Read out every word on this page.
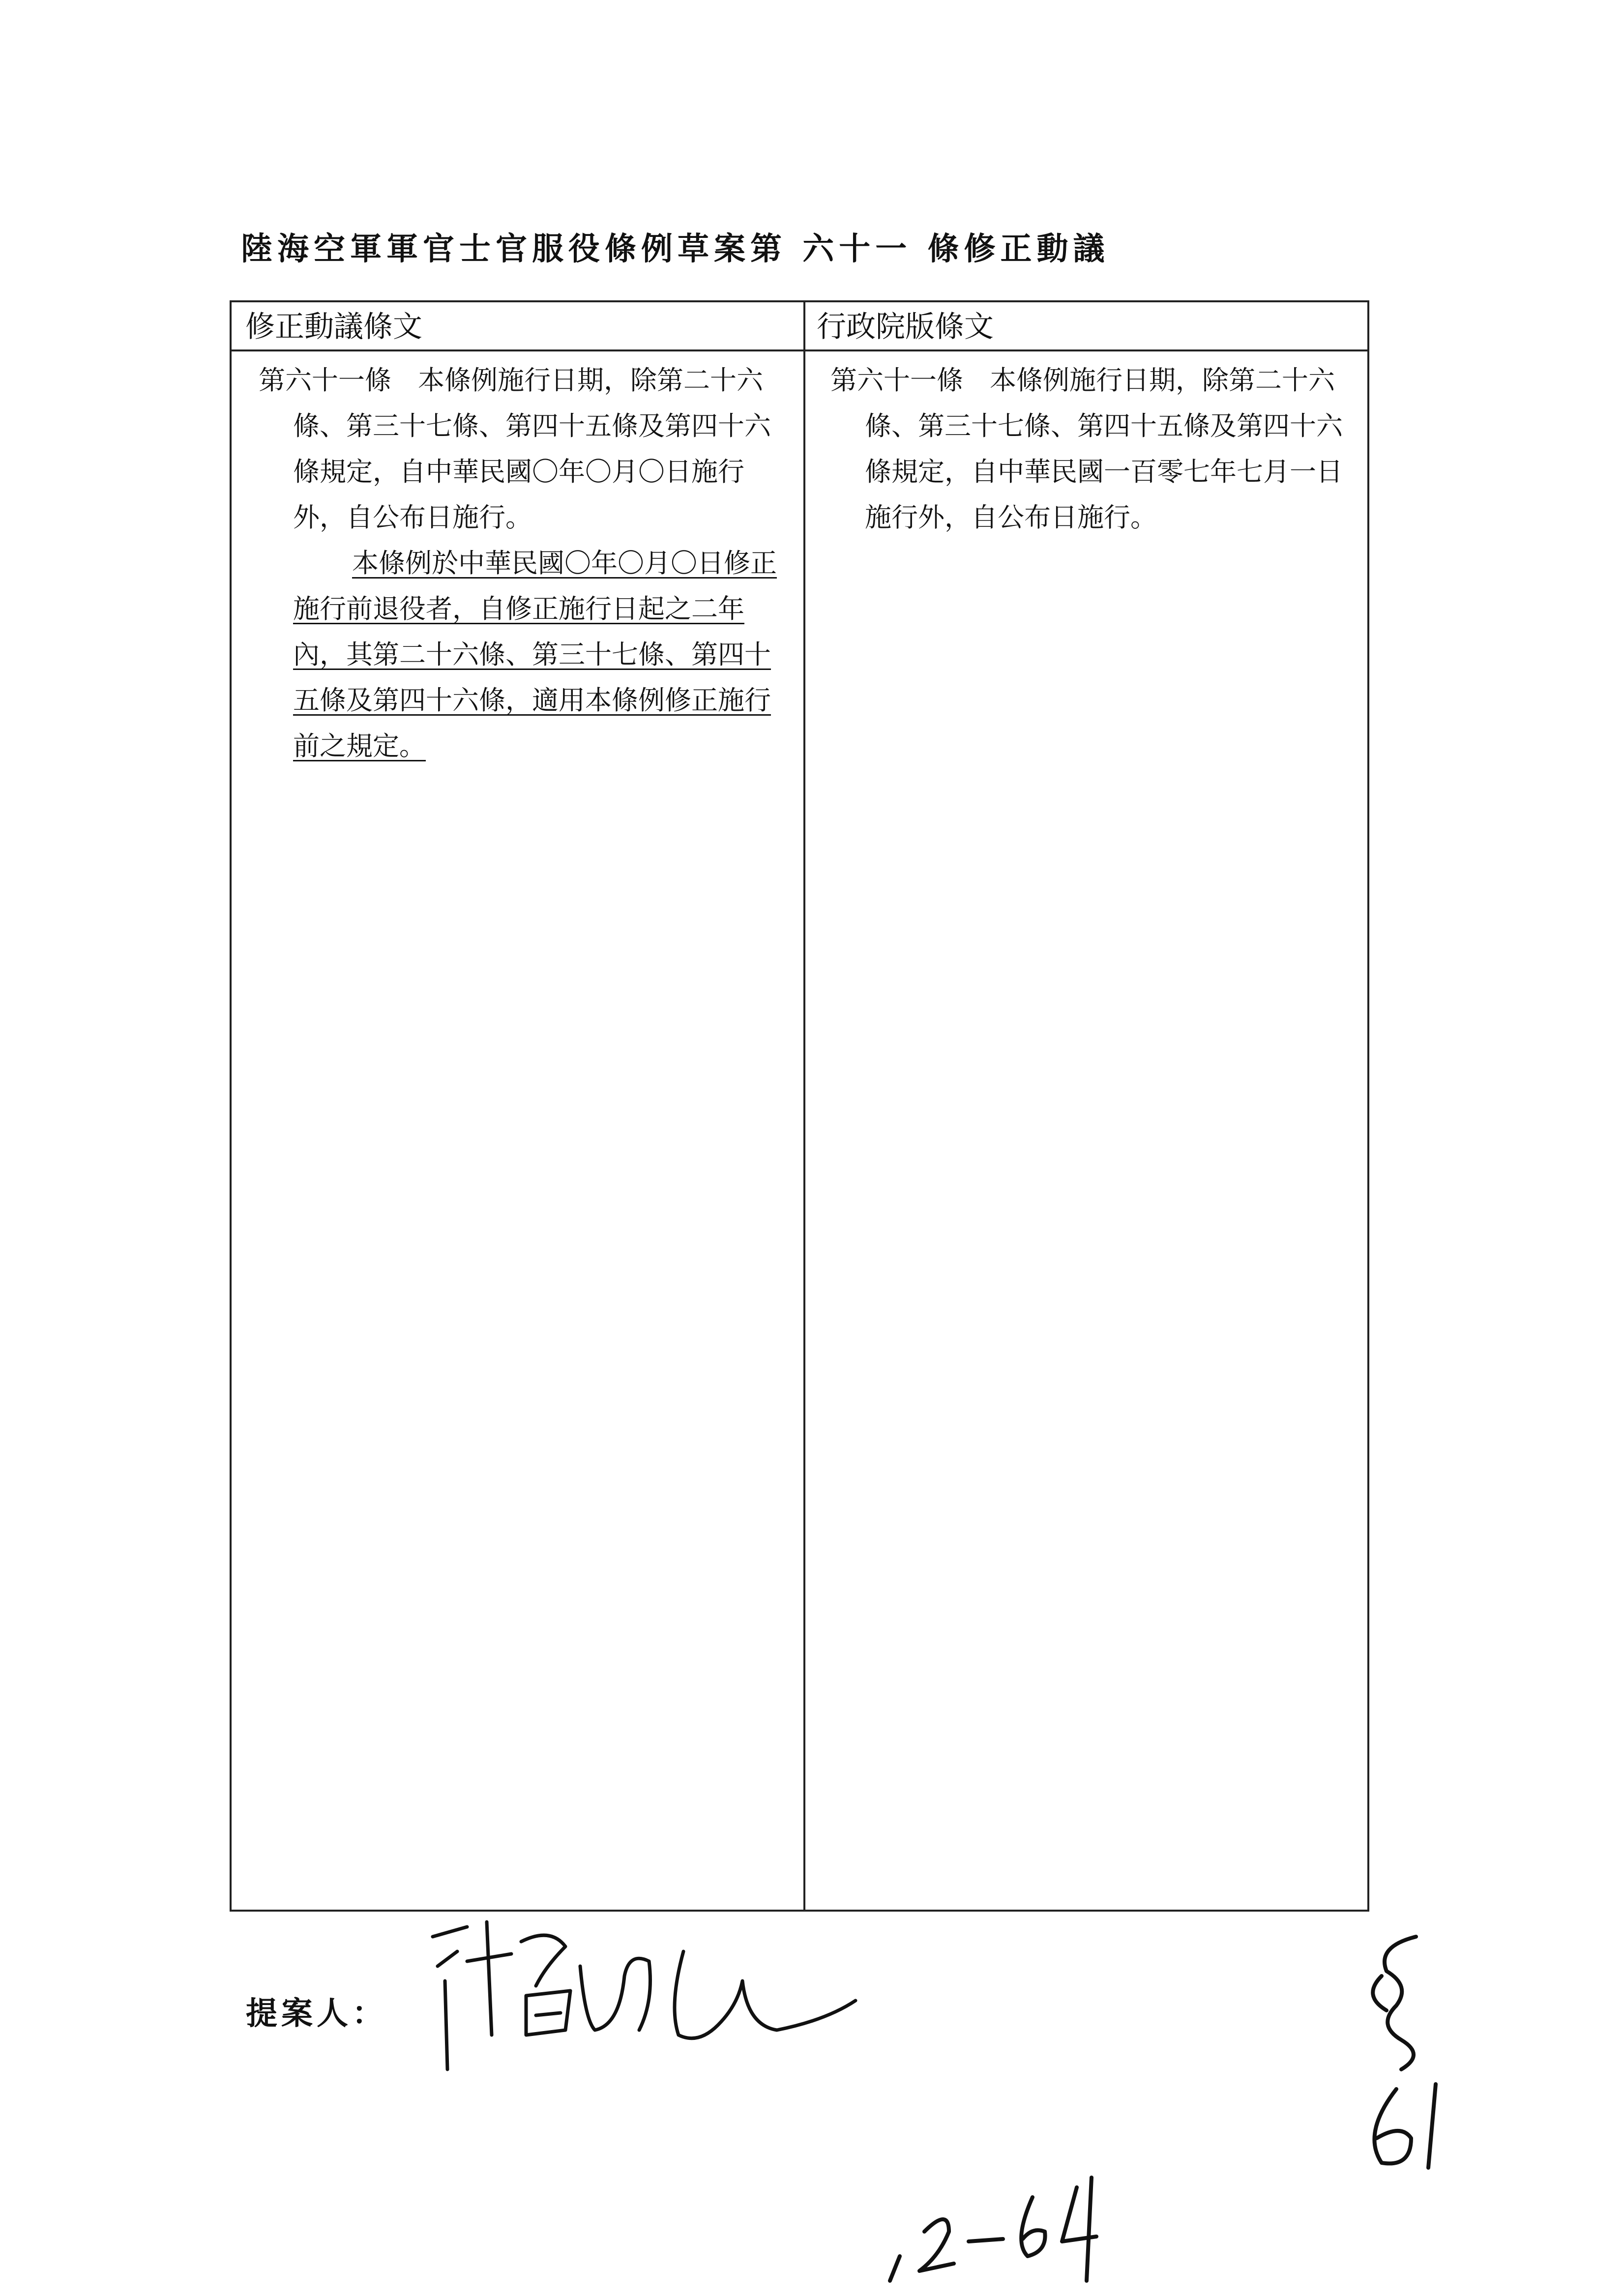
陸海空軍軍官士官服役條例草案第 六十一 條修正動議
修正動議條文	行政院版條文

第六十一條　本條例施行日期，除第二十六條、第三十七條、第四十五條及第四十六條規定，自中華民國〇年〇月〇日施行外，自公布日施行。

本條例於中華民國〇年〇月〇日修正施行前退役者，自修正施行日起之二年內，其第二十六條、第三十七條、第四十五條及第四十六條，適用本條例修正施行前之規定。

第六十一條　本條例施行日期，除第二十六條、第三十七條、第四十五條及第四十六條規定，自中華民國一百零七年七月一日施行外，自公布日施行。

提案人：
